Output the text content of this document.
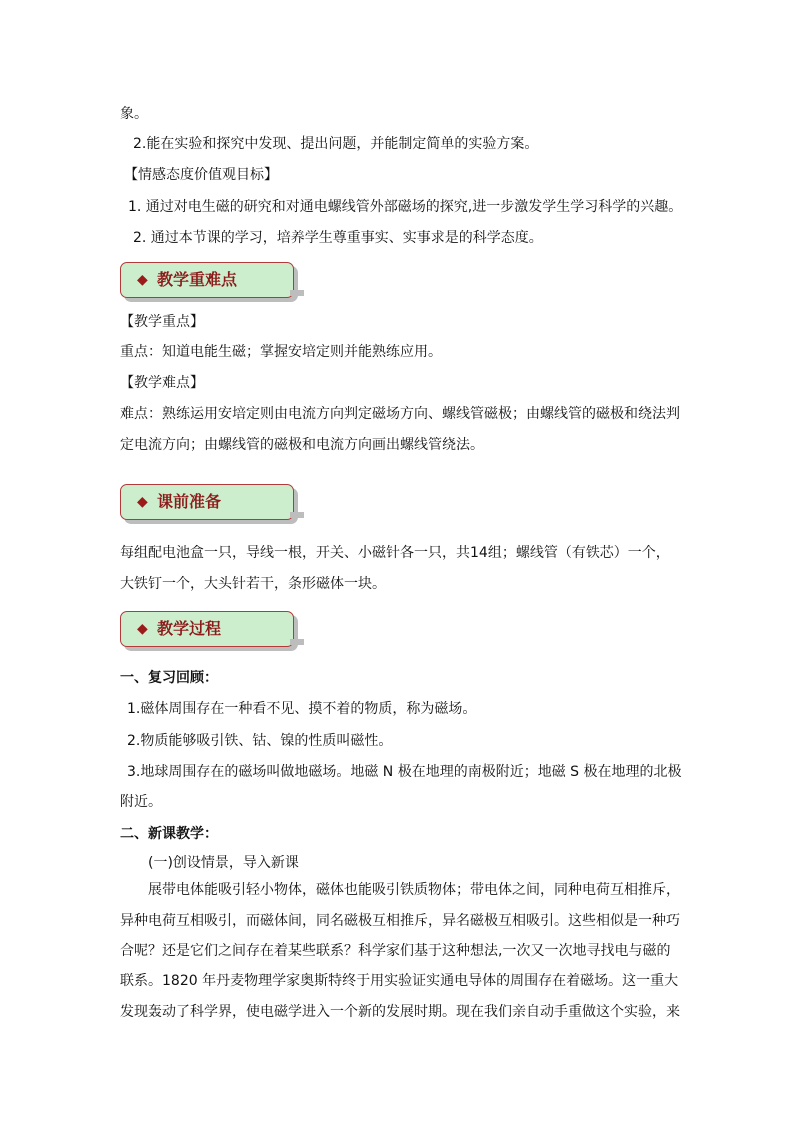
象。
2.能在实验和探究中发现、提出问题，并能制定简单的实验方案。
【情感态度价值观目标】
1. 通过对电生磁的研究和对通电螺线管外部磁场的探究,进一步激发学生学习科学的兴趣。
2. 通过本节课的学习，培养学生尊重事实、实事求是的科学态度。
◆ 教学重难点
【教学重点】
重点：知道电能生磁；掌握安培定则并能熟练应用。
【教学难点】
难点：熟练运用安培定则由电流方向判定磁场方向、螺线管磁极；由螺线管的磁极和绕法判
定电流方向；由螺线管的磁极和电流方向画出螺线管绕法。
◆ 课前准备
每组配电池盒一只，导线一根，开关、小磁针各一只，共14组；螺线管（有铁芯）一个，
大铁钉一个，大头针若干，条形磁体一块。
◆ 教学过程
一、复习回顾：
1.磁体周围存在一种看不见、摸不着的物质，称为磁场。
2.物质能够吸引铁、钴、镍的性质叫磁性。
3.地球周围存在的磁场叫做地磁场。地磁 N 极在地理的南极附近；地磁 S 极在地理的北极
附近。
二、新课教学：
(一)创设情景，导入新课
展带电体能吸引轻小物体，磁体也能吸引铁质物体；带电体之间，同种电荷互相推斥，
异种电荷互相吸引，而磁体间，同名磁极互相推斥，异名磁极互相吸引。这些相似是一种巧
合呢？还是它们之间存在着某些联系？科学家们基于这种想法,一次又一次地寻找电与磁的
联系。1820 年丹麦物理学家奥斯特终于用实验证实通电导体的周围存在着磁场。这一重大
发现轰动了科学界，使电磁学进入一个新的发展时期。现在我们亲自动手重做这个实验，来
